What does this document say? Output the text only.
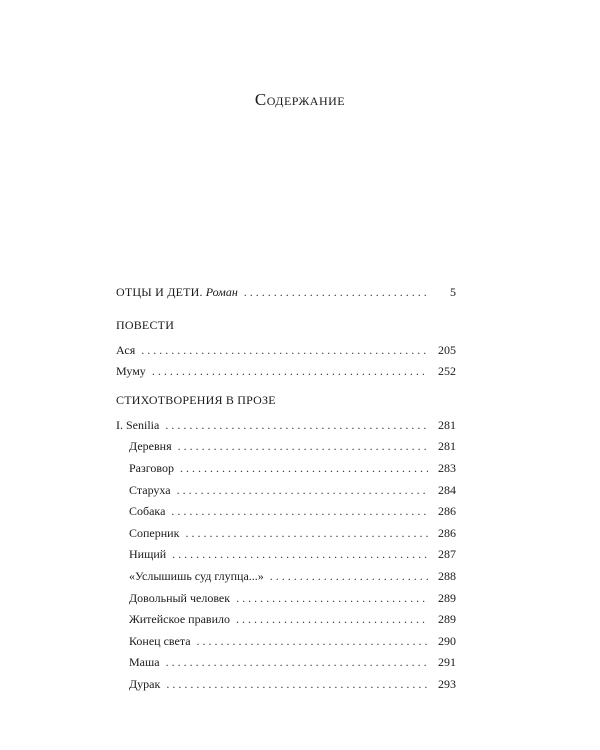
Содержание
ОТЦЫ И ДЕТИ. Роман . . .	5
ПОВЕСТИ
Ася . . .	205
Муму . . .	252
СТИХОТВОРЕНИЯ В ПРОЗЕ
I. Senilia . . .	281
Деревня . . .	281
Разговор . . .	283
Старуха . . .	284
Собака . . .	286
Соперник . . .	286
Нищий . . .	287
«Услышишь суд глупца...» . . .	288
Довольный человек . . .	289
Житейское правило . . .	289
Конец света . . .	290
Маша . . .	291
Дурак . . .	293
